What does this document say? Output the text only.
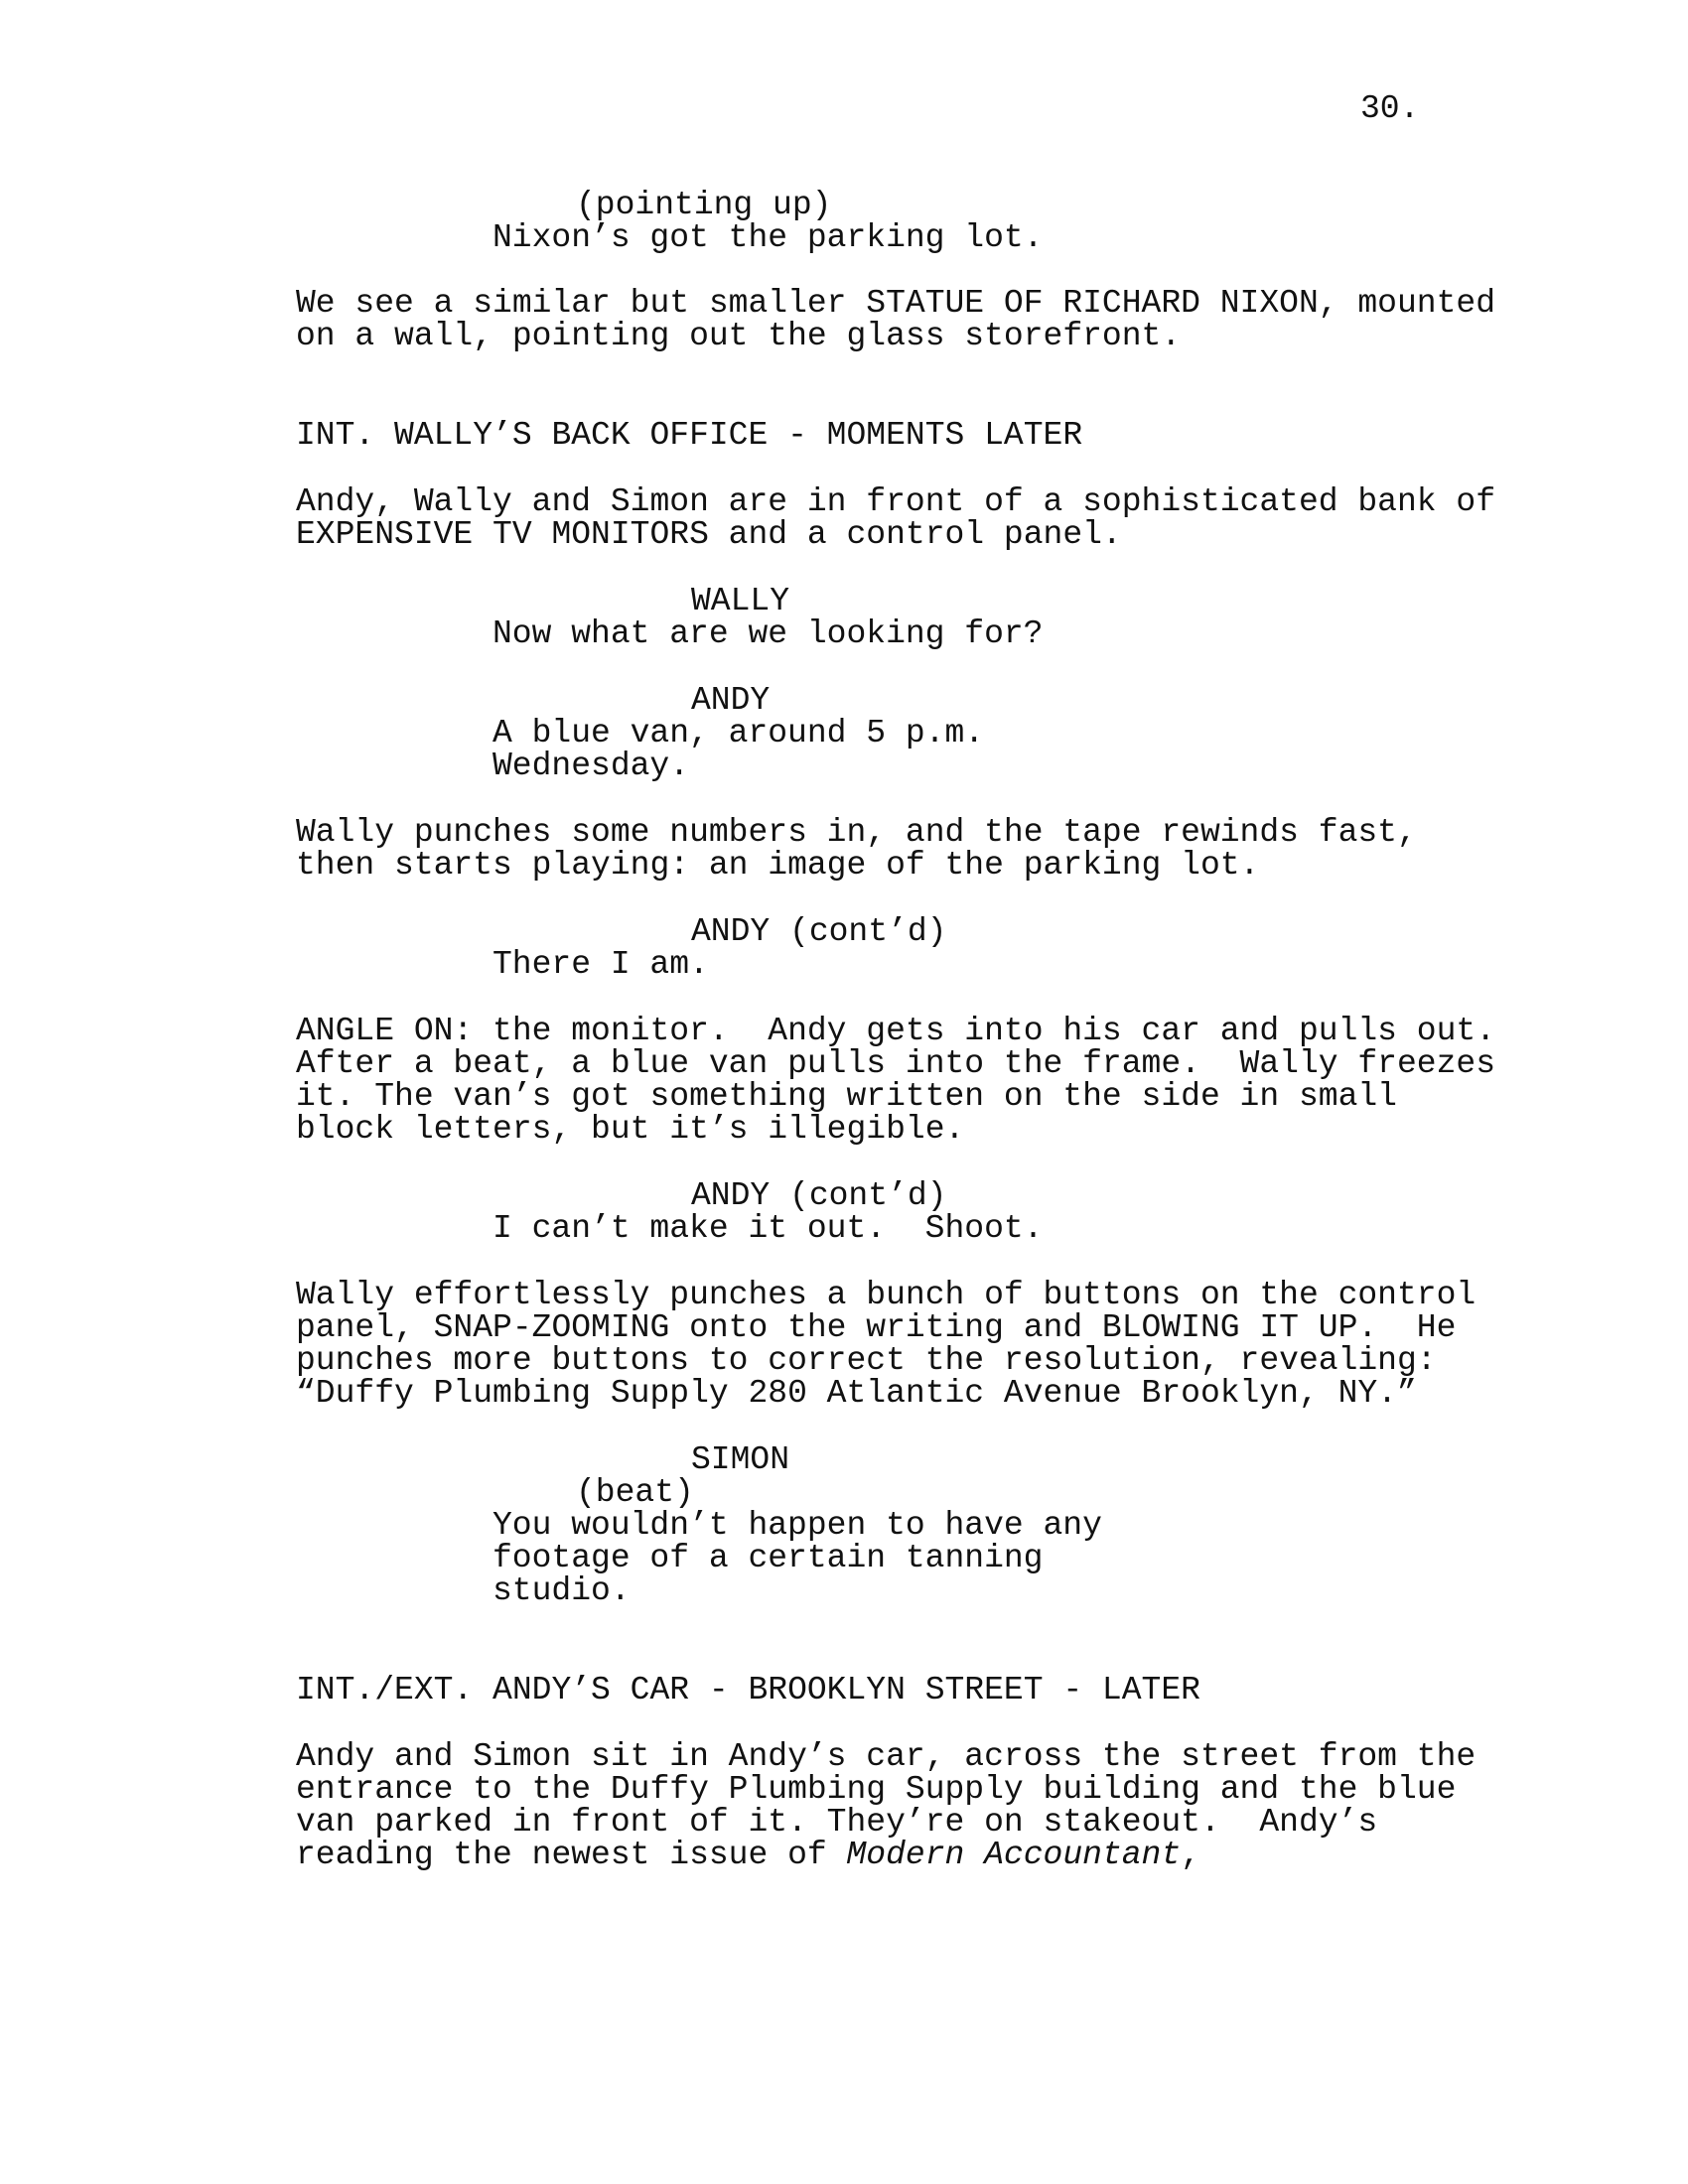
30.
(pointing up)
Nixon’s got the parking lot.
We see a similar but smaller STATUE OF RICHARD NIXON, mounted
on a wall, pointing out the glass storefront.
INT. WALLY’S BACK OFFICE - MOMENTS LATER
Andy, Wally and Simon are in front of a sophisticated bank of
EXPENSIVE TV MONITORS and a control panel.
WALLY
Now what are we looking for?
ANDY
A blue van, around 5 p.m.
Wednesday.
Wally punches some numbers in, and the tape rewinds fast,
then starts playing: an image of the parking lot.
ANDY (cont’d)
There I am.
ANGLE ON: the monitor.  Andy gets into his car and pulls out.
After a beat, a blue van pulls into the frame.  Wally freezes
it. The van’s got something written on the side in small
block letters, but it’s illegible.
ANDY (cont’d)
I can’t make it out.  Shoot.
Wally effortlessly punches a bunch of buttons on the control
panel, SNAP-ZOOMING onto the writing and BLOWING IT UP.  He
punches more buttons to correct the resolution, revealing:
“Duffy Plumbing Supply 280 Atlantic Avenue Brooklyn, NY.”
SIMON
(beat)
You wouldn’t happen to have any
footage of a certain tanning
studio.
INT./EXT. ANDY’S CAR - BROOKLYN STREET - LATER
Andy and Simon sit in Andy’s car, across the street from the
entrance to the Duffy Plumbing Supply building and the blue
van parked in front of it. They’re on stakeout.  Andy’s
reading the newest issue of Modern Accountant,
